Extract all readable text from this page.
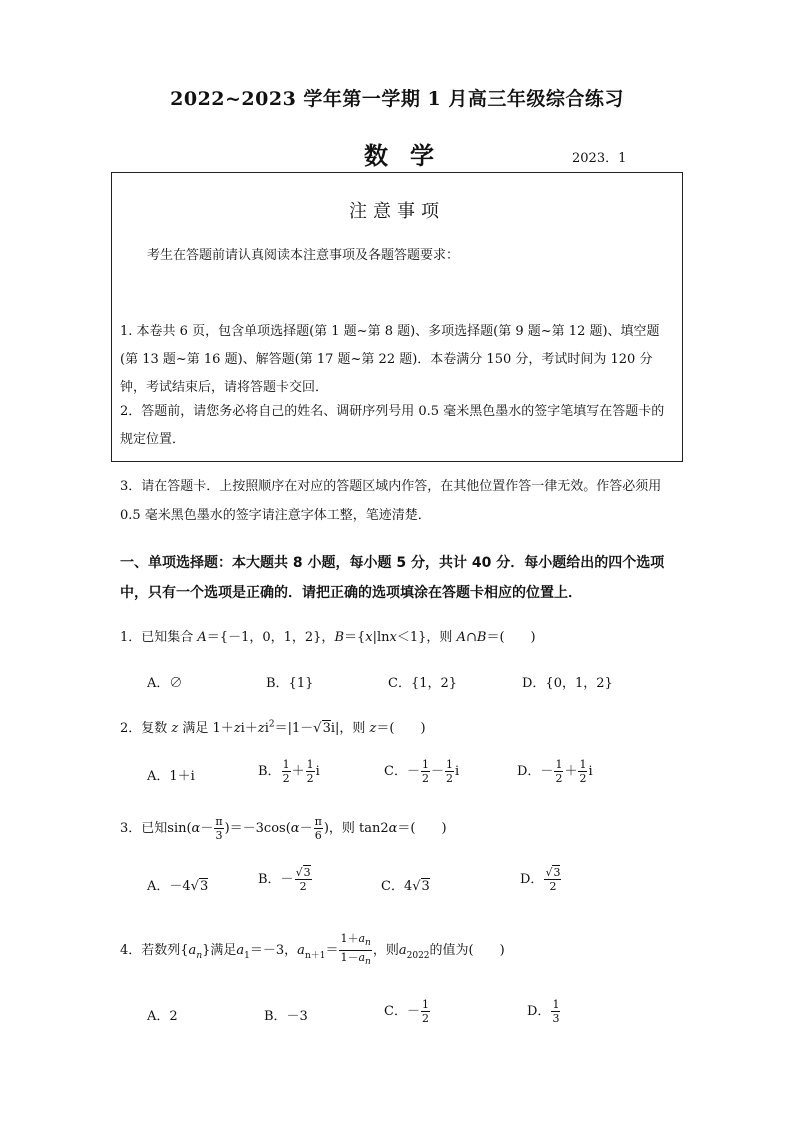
2022~2023 学年第一学期 1 月高三年级综合练习
数学	2023．1
注意事项
考生在答题前请认真阅读本注意事项及各题答题要求：
1. 本卷共 6 页，包含单项选择题(第 1 题~第 8 题)、多项选择题(第 9 题~第 12 题)、填空题(第 13 题~第 16 题)、解答题(第 17 题~第 22 题)．本卷满分 150 分，考试时间为 120 分钟，考试结束后，请将答题卡交回．
2．答题前，请您务必将自己的姓名、调研序列号用 0.5 毫米黑色墨水的签字笔填写在答题卡的规定位置．
3．请在答题卡．上按照顺序在对应的答题区域内作答，在其他位置作答一律无效。作答必须用 0.5 毫米黑色墨水的签字请注意字体工整，笔迹清楚．
一、单项选择题：本大题共 8 小题，每小题 5 分，共计 40 分．每小题给出的四个选项中，只有一个选项是正确的．请把正确的选项填涂在答题卡相应的位置上．
1．已知集合 A＝{－1，0，1，2}，B＝{x|lnx＜1}，则 A∩B＝(　　)
A．∅	B．{1}	C．{1，2}	D．{0，1，2}
2．复数 z 满足 $1+zi+zi^2=|1-√3i|$，则 z＝(　　)
A．1＋i	B． $\frac{1}{2} + \frac{1}{2}$ i	C．－ $\frac{1}{2} - \frac{1}{2}$ i	D．－ $\frac{1}{2} + \frac{1}{2}$ i
3．已知$\sin(\alpha- \frac{\pi}{3} )=-3\cos(\alpha- \frac{\pi}{6}$ )，则 tan2α＝(　　)
A．－4√3	B．－ $\frac{√3}{2}$	C．4√3	D． $\frac{√3}{2}$
4．若数列$\{a_n\}$满足$a_1=-3$，$a_{n+1}= \frac{1+a_n}{1-a_n}$ ，则$a_{2022}$的值为(　　)
A．2	B．－3	C．－ $\frac{1}{2}$	D． $\frac{1}{3}$
